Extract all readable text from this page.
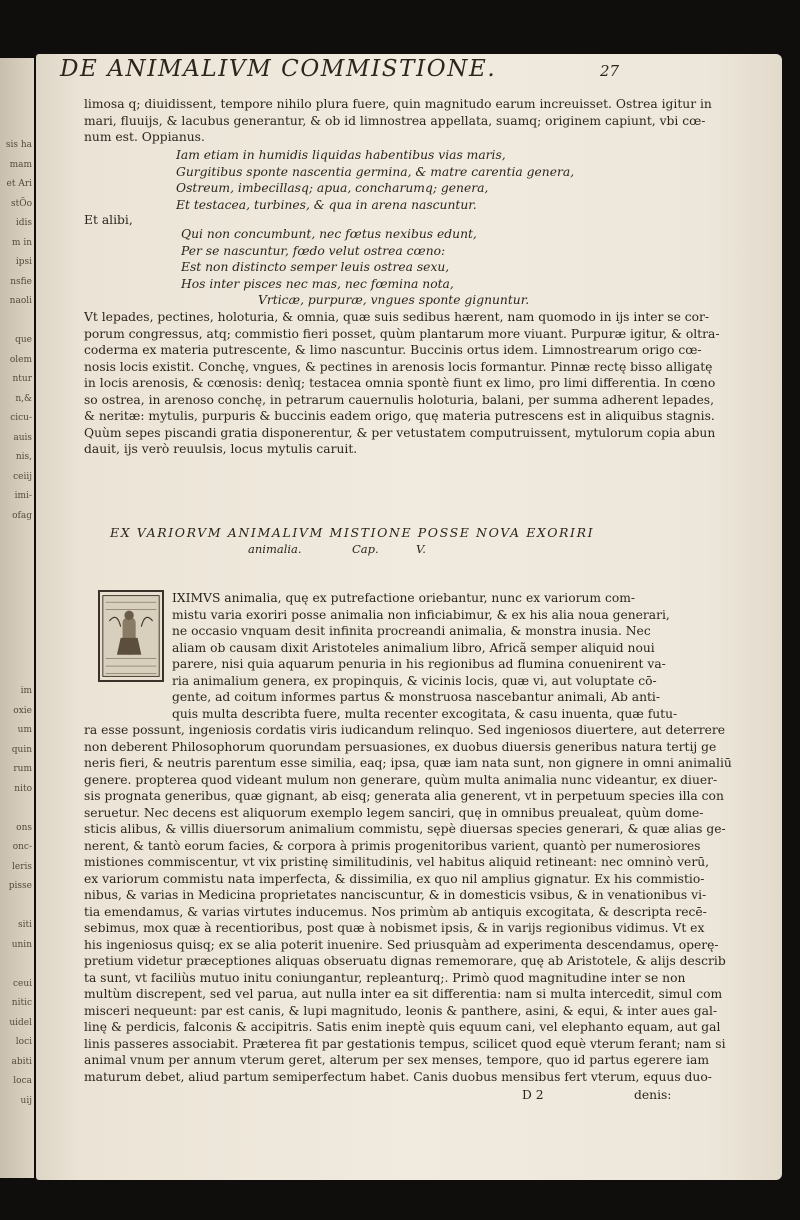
sis ha
mam
et Ari
stÕo
idis
m in
ipsi
nsfie
naoli
que
olem
ntur
n,&
cicu-
auis
nis,
ceiij
imi-
ofag
im
oxie
um
quin
rum
nito
ons
onc-
leris
pisse
siti
unin
ceui
nitic
uidel
loci
abiti
loca
uij
DE ANIMALIVM COMMISTIONE.	27
limosa q; diuidissent, tempore nihilo plura fuere, quin magnitudo earum increuisset. Ostrea igitur in
mari, fluuijs, & lacubus generantur, & ob id limnostrea appellata, suamq; originem capiunt, vbi cœ-
num est. Oppianus.
Iam etiam in humidis liquidas habentibus vias maris,
Gurgitibus sponte nascentia germina, & matre carentia genera,
Ostreum, imbecillasq; apua, concharumq; genera,
Et testacea, turbines, & qua in arena nascuntur.
Et alibi,
Qui non concumbunt, nec fœtus nexibus edunt,
Per se nascuntur, fœdo velut ostrea cœno:
Est non distincto semper leuis ostrea sexu,
Hos inter pisces nec mas, nec fœmina nota,
Vrticæ, purpuræ, vngues sponte gignuntur.
Vt lepades, pectines, holoturia, & omnia, quæ suis sedibus hærent, nam quomodo in ijs inter se cor-
porum congressus, atq; commistio fieri posset, quùm plantarum more viuant. Purpuræ igitur, & oltra-
coderma ex materia putrescente, & limo nascuntur. Buccinis ortus idem. Limnostrearum origo cœ-
nosis locis existit. Conchę, vngues, & pectines in arenosis locis formantur. Pinnæ rectę bisso alligatę
in locis arenosis, & cœnosis: denìq; testacea omnia spontè fiunt ex limo, pro limi differentia. In cœno
so ostrea, in arenoso conchę, in petrarum cauernulis holoturia, balani, per summa adherent lepades,
& neritæ: mytulis, purpuris & buccinis eadem origo, quę materia putrescens est in aliquibus stagnis.
Quùm sepes piscandi gratia disponerentur, & per vetustatem computruissent, mytulorum copia abun
dauit, ijs verò reuulsis, locus mytulis caruit.
EX VARIORVM ANIMALIVM MISTIONE POSSE NOVA EXORIRI
animalia.	Cap.	V.
IXIMVS animalia, quę ex putrefactione oriebantur, nunc ex variorum com-
mistu varia exoriri posse animalia non inficiabimur, & ex his alia noua generari,
ne occasio vnquam desit infinita procreandi animalia, & monstra inusia. Nec
aliam ob causam dixit Aristoteles animalium libro, Africã semper aliquid noui
parere, nisi quia aquarum penuria in his regionibus ad flumina conuenirent va-
ria animalium genera, ex propinquis, & vicinis locis, quæ vi, aut voluptate cō-
gente, ad coitum informes partus & monstruosa nascebantur animali, Ab anti-
quis multa describta fuere, multa recenter excogitata, & casu inuenta, quæ futu-
ra esse possunt, ingeniosis cordatis viris iudicandum relinquo. Sed ingeniosos diuertere, aut deterrere
non deberent Philosophorum quorundam persuasiones, ex duobus diuersis generibus natura tertij ge
neris fieri, & neutris parentum esse similia, eaq; ipsa, quæ iam nata sunt, non gignere in omni animaliū
genere. propterea quod videant mulum non generare, quùm multa animalia nunc videantur, ex diuer-
sis prognata generibus, quæ gignant, ab eisq; generata alia generent, vt in perpetuum species illa con
seruetur. Nec decens est aliquorum exemplo legem sanciri, quę in omnibus preualeat, quùm dome-
sticis alibus, & villis diuersorum animalium commistu, sępè diuersas species generari, & quæ alias ge-
nerent, & tantò eorum facies, & corpora à primis progenitoribus varient, quantò per numerosiores
mistiones commiscentur, vt vix pristinę similitudinis, vel habitus aliquid retineant: nec omninò verū,
ex variorum commistu nata imperfecta, & dissimilia, ex quo nil amplius gignatur. Ex his commistio-
nibus, & varias in Medicina proprietates nanciscuntur, & in domesticis vsibus, & in venationibus vi-
tia emendamus, & varias virtutes inducemus. Nos primùm ab antiquis excogitata, & descripta recē-
sebimus, mox quæ à recentioribus, post quæ à nobismet ipsis, & in varijs regionibus vidimus. Vt ex
his ingeniosus quisq; ex se alia poterit inuenire. Sed priusquàm ad experimenta descendamus, operę-
pretium videtur præceptiones aliquas obseruatu dignas rememorare, quę ab Aristotele, & alijs describ
ta sunt, vt faciliùs mutuo initu coniungantur, repleanturq;. Primò quod magnitudine inter se non
multùm discrepent, sed vel parua, aut nulla inter ea sit differentia: nam si multa intercedit, simul com
misceri nequeunt: par est canis, & lupi magnitudo, leonis & panthere, asini, & equi, & inter aues gal-
linę & perdicis, falconis & accipitris. Satis enim ineptè quis equum cani, vel elephanto equam, aut gal
linis passeres associabit. Præterea fit par gestationis tempus, scilicet quod equè vterum ferant; nam si
animal vnum per annum vterum geret, alterum per sex menses, tempore, quo id partus egerere iam
maturum debet, aliud partum semiperfectum habet. Canis duobus mensibus fert vterum, equus duo-
D 2	denis:
